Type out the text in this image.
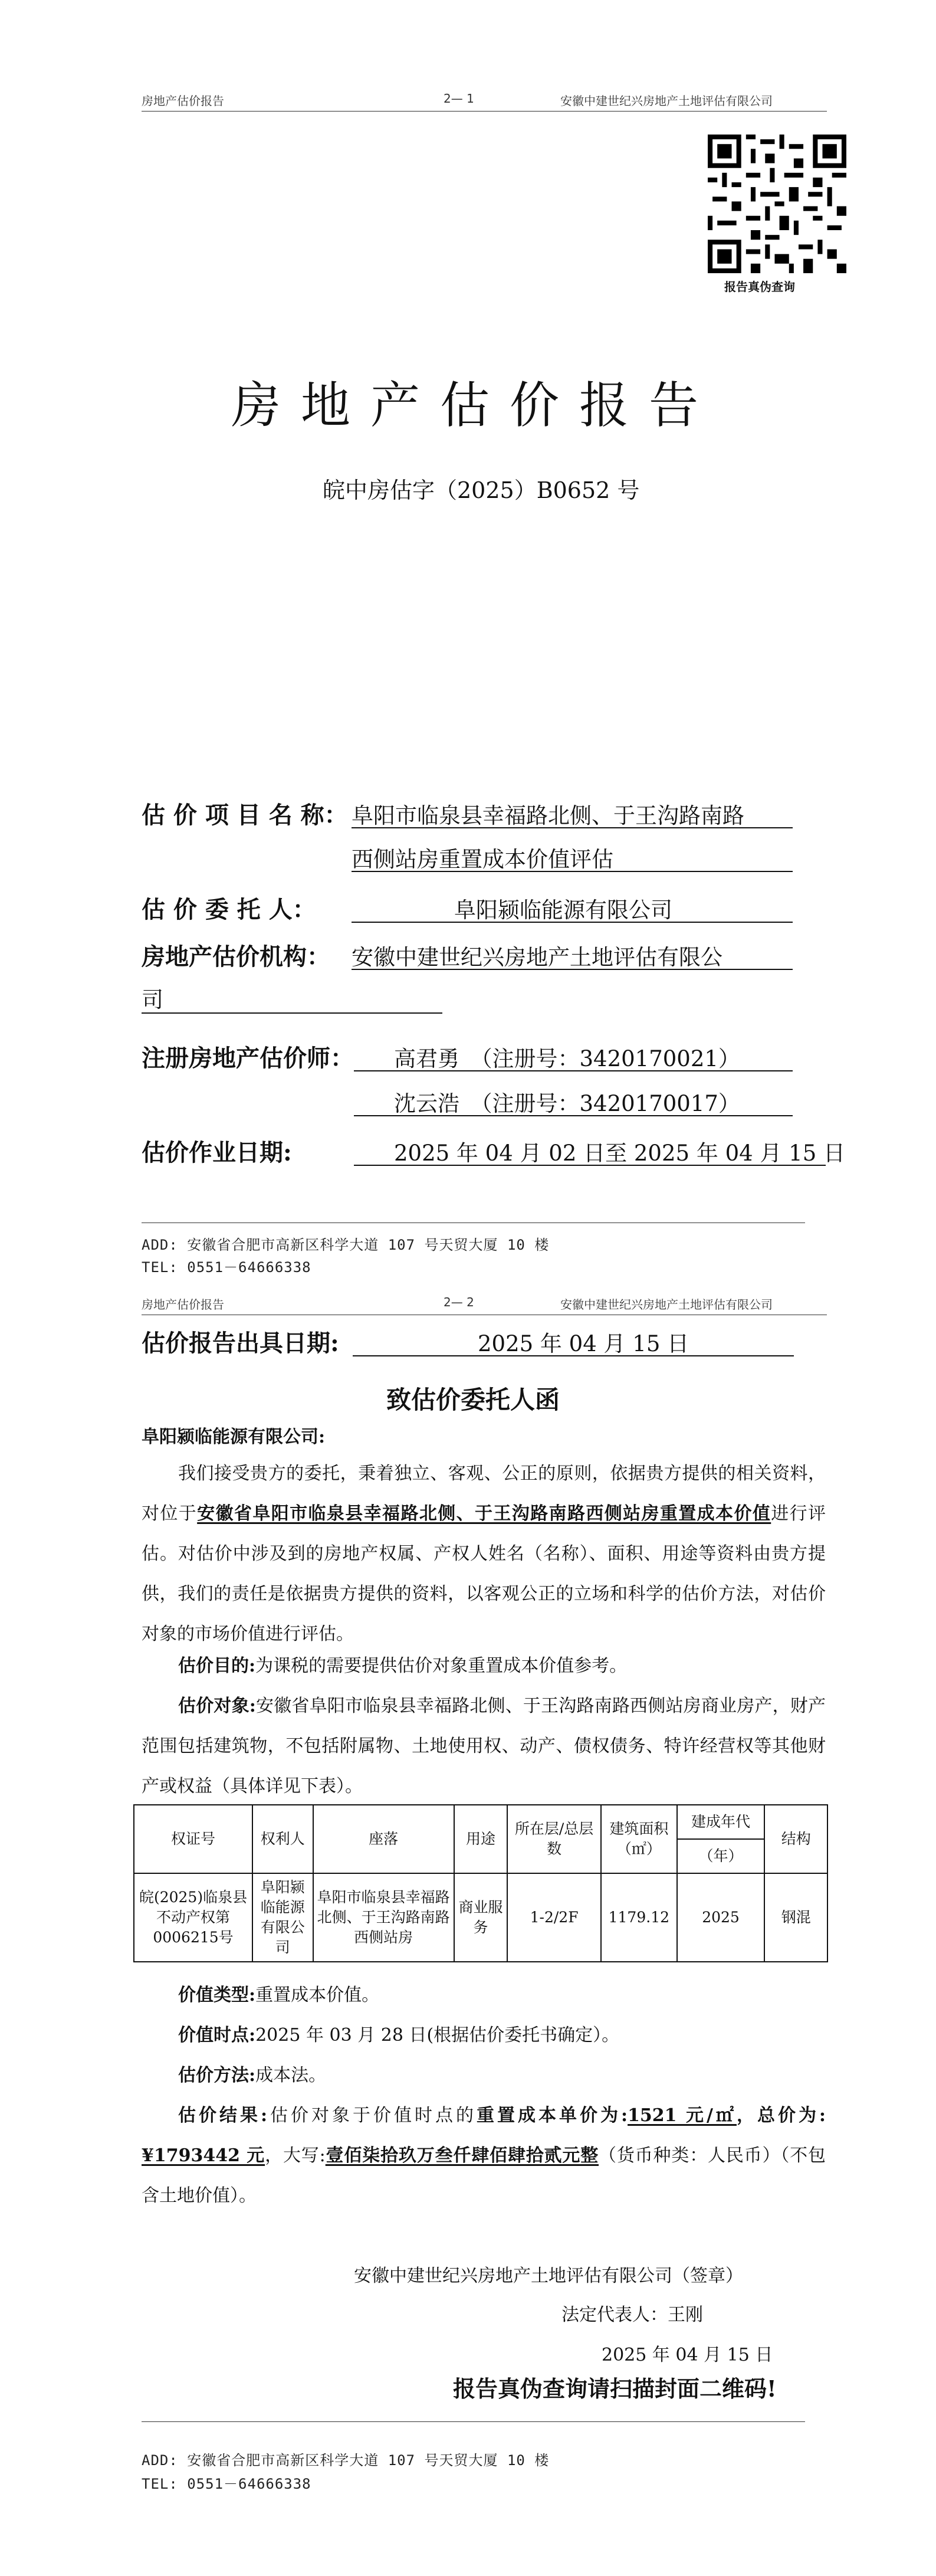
房地产估价报告	2— 1	安徽中建世纪兴房地产土地评估有限公司
报告真伪查询
房地产估价报告
皖中房估字（2025）B0652 号
估 价 项 目 名 称： 阜阳市临泉县幸福路北侧、于王沟路南路
西侧站房重置成本价值评估
估 价 委 托 人：	阜阳颍临能源有限公司
房地产估价机构： 安徽中建世纪兴房地产土地评估有限公
司
注册房地产估价师： 高君勇　（注册号：3420170021）
沈云浩　（注册号：3420170017）
估价作业日期:	2025 年 04 月 02 日至 2025 年 04 月 15 日
ADD: 安徽省合肥市高新区科学大道 107 号天贸大厦 10 楼
TEL: 0551－64666338
房地产估价报告	2— 2	安徽中建世纪兴房地产土地评估有限公司
估价报告出具日期:	2025 年 04 月 15 日
致估价委托人函
阜阳颍临能源有限公司:
我们接受贵方的委托，秉着独立、客观、公正的原则，依据贵方提供的相关资料，对位于安徽省阜阳市临泉县幸福路北侧、于王沟路南路西侧站房重置成本价值进行评估。对估价中涉及到的房地产权属、产权人姓名（名称）、面积、用途等资料由贵方提供，我们的责任是依据贵方提供的资料，以客观公正的立场和科学的估价方法，对估价对象的市场价值进行评估。
估价目的:为课税的需要提供估价对象重置成本价值参考。
估价对象:安徽省阜阳市临泉县幸福路北侧、于王沟路南路西侧站房商业房产，财产范围包括建筑物，不包括附属物、土地使用权、动产、债权债务、特许经营权等其他财产或权益（具体详见下表）。
权证号	权利人	座落	用途	所在层/总层数	建筑面积（㎡）	建成年代	结构
						（年）	
皖(2025)临泉县不动产权第0006215号	阜阳颍临能源有限公司	阜阳市临泉县幸福路北侧、于王沟路南路西侧站房	商业服务	1-2/2F	1179.12	2025	钢混
价值类型:重置成本价值。
价值时点:2025 年 03 月 28 日(根据估价委托书确定）。
估价方法:成本法。
估价结果:估价对象于价值时点的重置成本单价为:1521 元/㎡，总价为:¥1793442 元，大写:壹佰柒拾玖万叁仟肆佰肆拾贰元整（货币种类：人民币）（不包含土地价值）。
安徽中建世纪兴房地产土地评估有限公司（签章）
法定代表人：王刚
2025 年 04 月 15 日
报告真伪查询请扫描封面二维码!
ADD: 安徽省合肥市高新区科学大道 107 号天贸大厦 10 楼
TEL: 0551－64666338
